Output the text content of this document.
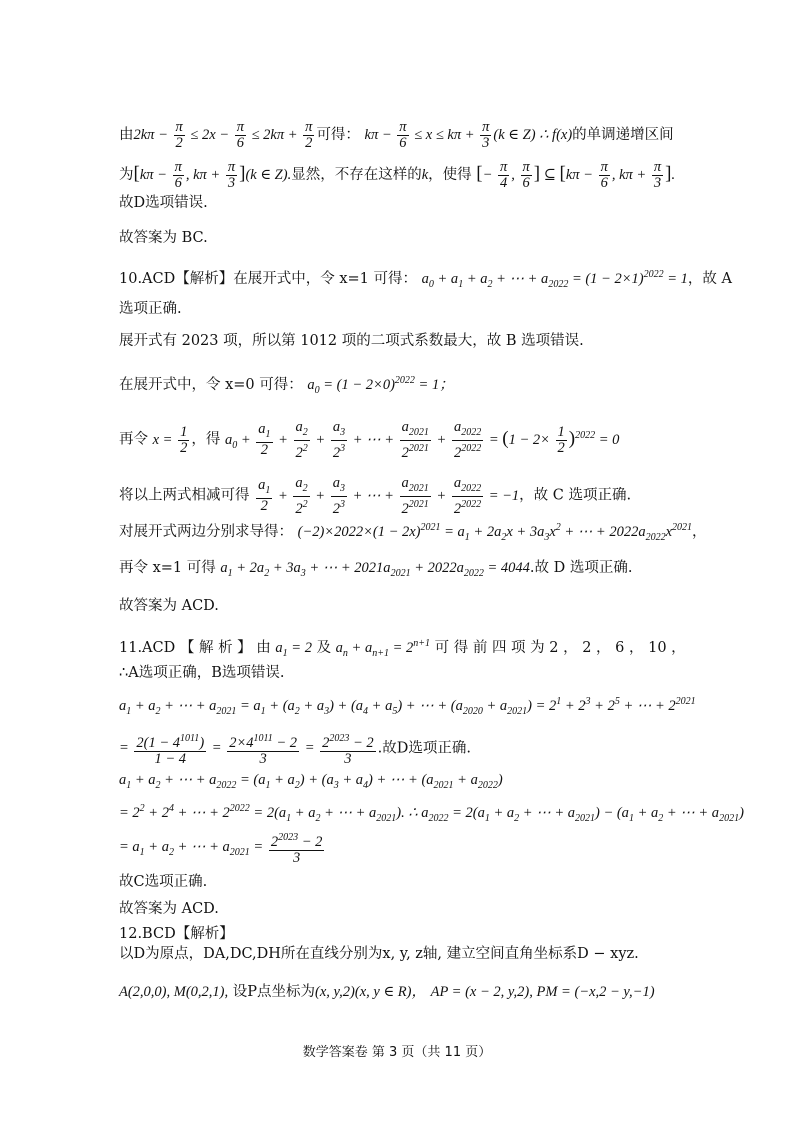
由$2k\pi - \frac{\pi}{2} \le 2x - \frac{\pi}{6} \le 2k\pi + \frac{\pi}{2}$ 可得： $k\pi - \frac{\pi}{6} \le x \le k\pi + \frac{\pi}{3} (k$ ∈ Z) ∴ f(x)的单调递增区间
为[$k\pi - \frac{\pi}{6}$ , $k\pi + \frac{\pi}{3} ](k$ ∈ Z).显然，不存在这样的k，使得 [− $\frac{\pi}{4}$ , $\frac{\pi}{6}$ ] ⊆ [$k\pi - \frac{\pi}{6}$ , $k\pi + \frac{\pi}{3}$ ].
故D选项错误.
故答案为 BC.
10.ACD【解析】在展开式中，令 x=1 可得： $a_0 + a_1 + a_2$ + ⋯ + $a_{2022} = (1 - 2\times 1)^{2022} = 1$，故 A
选项正确.
展开式有 2023 项，所以第 1012 项的二项式系数最大，故 B 选项错误.
在展开式中，令 x=0 可得： $a_0 = (1 - 2\times 0)^{2022} = 1$；
再令 $x = \frac{1}{2}$ ，得 $a_0 + \frac{a_1}{2} + \frac{a_2}{2^2} + \frac{a_3}{2^3}$ + ⋯ + $\frac{a_{2021}}{2^{2021}} + \frac{a_{2022}}{2^{2022}} = (1 - 2\times \frac{1}{2} )^{2022} = 0$
将以上两式相减可得 $\frac{a_1}{2} + \frac{a_2}{2^2} + \frac{a_3}{2^3}$ + ⋯ + $\frac{a_{2021}}{2^{2021}} + \frac{a_{2022}}{2^{2022}} = -1$，故 C 选项正确.
对展开式两边分别求导得： $(-2)\times 2022\times(1 - 2x)^{2021} = a_1 + 2a_2x + 3a_3x^2$ + ⋯ + $2022a_{2022}x^{2021}$，
再令 x=1 可得 $a_1 + 2a_2 + 3a_3$ + ⋯ + $2021a_{2021} + 2022a_{2022} = 4044$.故 D 选项正确.
故答案为 ACD.
11.ACD 【 解 析 】 由 $a_1 = 2$ 及 $a_n + a_{n+1} = 2^{n+1}$ 可 得 前 四 项 为 2 ， 2 ， 6 ， 10 ，
∴A选项正确，B选项错误.
$a_1 + a_2$ + ⋯ + $a_{2021} = a_1 + (a_2 + a_3) + (a_4 + a_5)$ + ⋯ + $(a_{2020} + a_{2021}) = 2^1 + 2^3 + 2^5$ + ⋯ + $2^{2021}$
= $\frac{2(1 - 4^{1011})}{1 - 4} = \frac{2\times 4^{1011} - 2}{3} = \frac{2^{2023} - 2}{3}$ .故D选项正确.
$a_1 + a_2$ + ⋯ + $a_{2022} = (a_1 + a_2) + (a_3 + a_4)$ + ⋯ + $(a_{2021} + a_{2022})$
= $2^2 + 2^4$ + ⋯ + $2^{2022} = 2(a_1 + a_2$ + ⋯ + $a_{2021}$). ∴ $a_{2022} = 2(a_1 + a_2$ + ⋯ + $a_{2021}) - (a_1 + a_2$ + ⋯ + $a_{2021}$)
= $a_1 + a_2$ + ⋯ + $a_{2021} = \frac{2^{2023} - 2}{3}$
故C选项正确.
故答案为 ACD.
12.BCD【解析】
以D为原点，DA,DC,DH所在直线分别为x, y, z轴, 建立空间直角坐标系D − xyz.
A(2,0,0), M(0,2,1), 设P点坐标为(x, y,2)(x, y ∈ R)， AP = (x − 2, y,2), PM = (−x,2 − y,−1)
数学答案卷 第 3 页（共 11 页）
